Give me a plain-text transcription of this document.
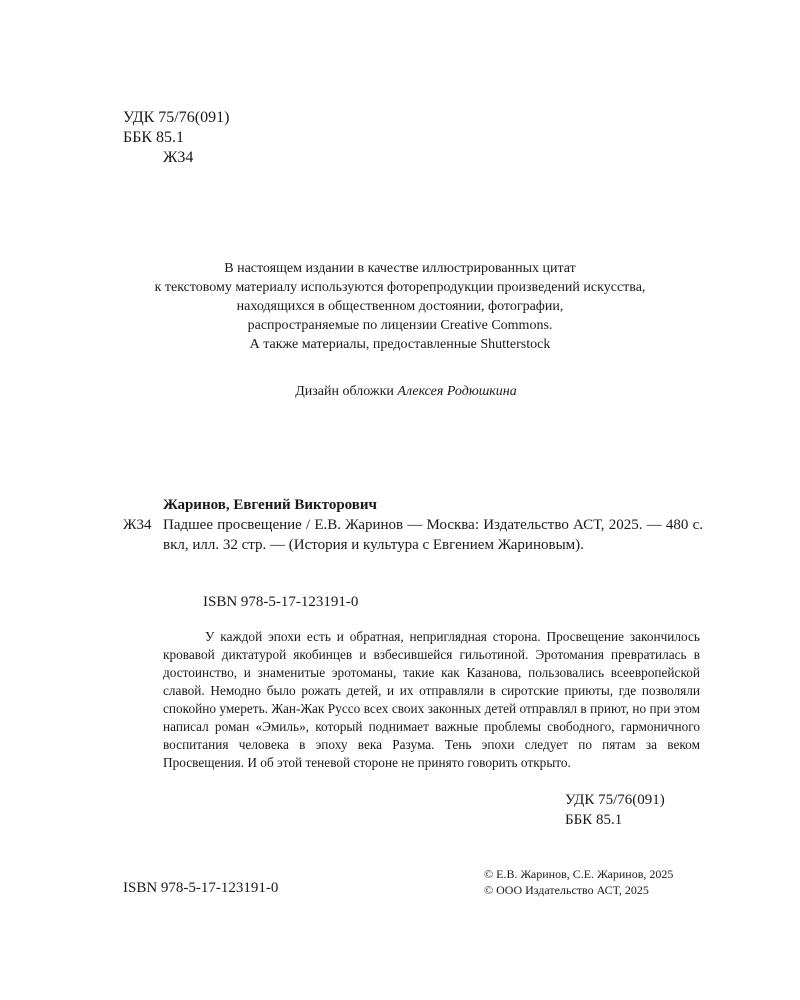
УДК 75/76(091)
ББК 85.1
Ж34
В настоящем издании в качестве иллюстрированных цитат
к текстовому материалу используются фоторепродукции произведений искусства,
находящихся в общественном достоянии, фотографии,
распространяемые по лицензии Creative Commons.
А также материалы, предоставленные Shutterstock
Дизайн обложки Алексея Родюшкина
Жаринов, Евгений Викторович
Ж34 Падшее просвещение / Е.В. Жаринов — Москва: Издательство АСТ, 2025. — 480 с. вкл, илл. 32 стр. — (История и культура с Евгением Жариновым).
ISBN 978-5-17-123191-0
У каждой эпохи есть и обратная, неприглядная сторона. Просвещение закончилось кровавой диктатурой якобинцев и взбесившейся гильотиной. Эротомания превратилась в достоинство, и знаменитые эротоманы, такие как Казанова, пользовались всеевропейской славой. Немодно было рожать детей, и их отправляли в сиротские приюты, где позволяли спокойно умереть. Жан-Жак Руссо всех своих законных детей отправлял в приют, но при этом написал роман «Эмиль», который поднимает важные проблемы свободного, гармоничного воспитания человека в эпоху века Разума. Тень эпохи следует по пятам за веком Просвещения. И об этой теневой стороне не принято говорить открыто.
УДК 75/76(091)
ББК 85.1
ISBN 978-5-17-123191-0
© Е.В. Жаринов, С.Е. Жаринов, 2025
© ООО Издательство АСТ, 2025
